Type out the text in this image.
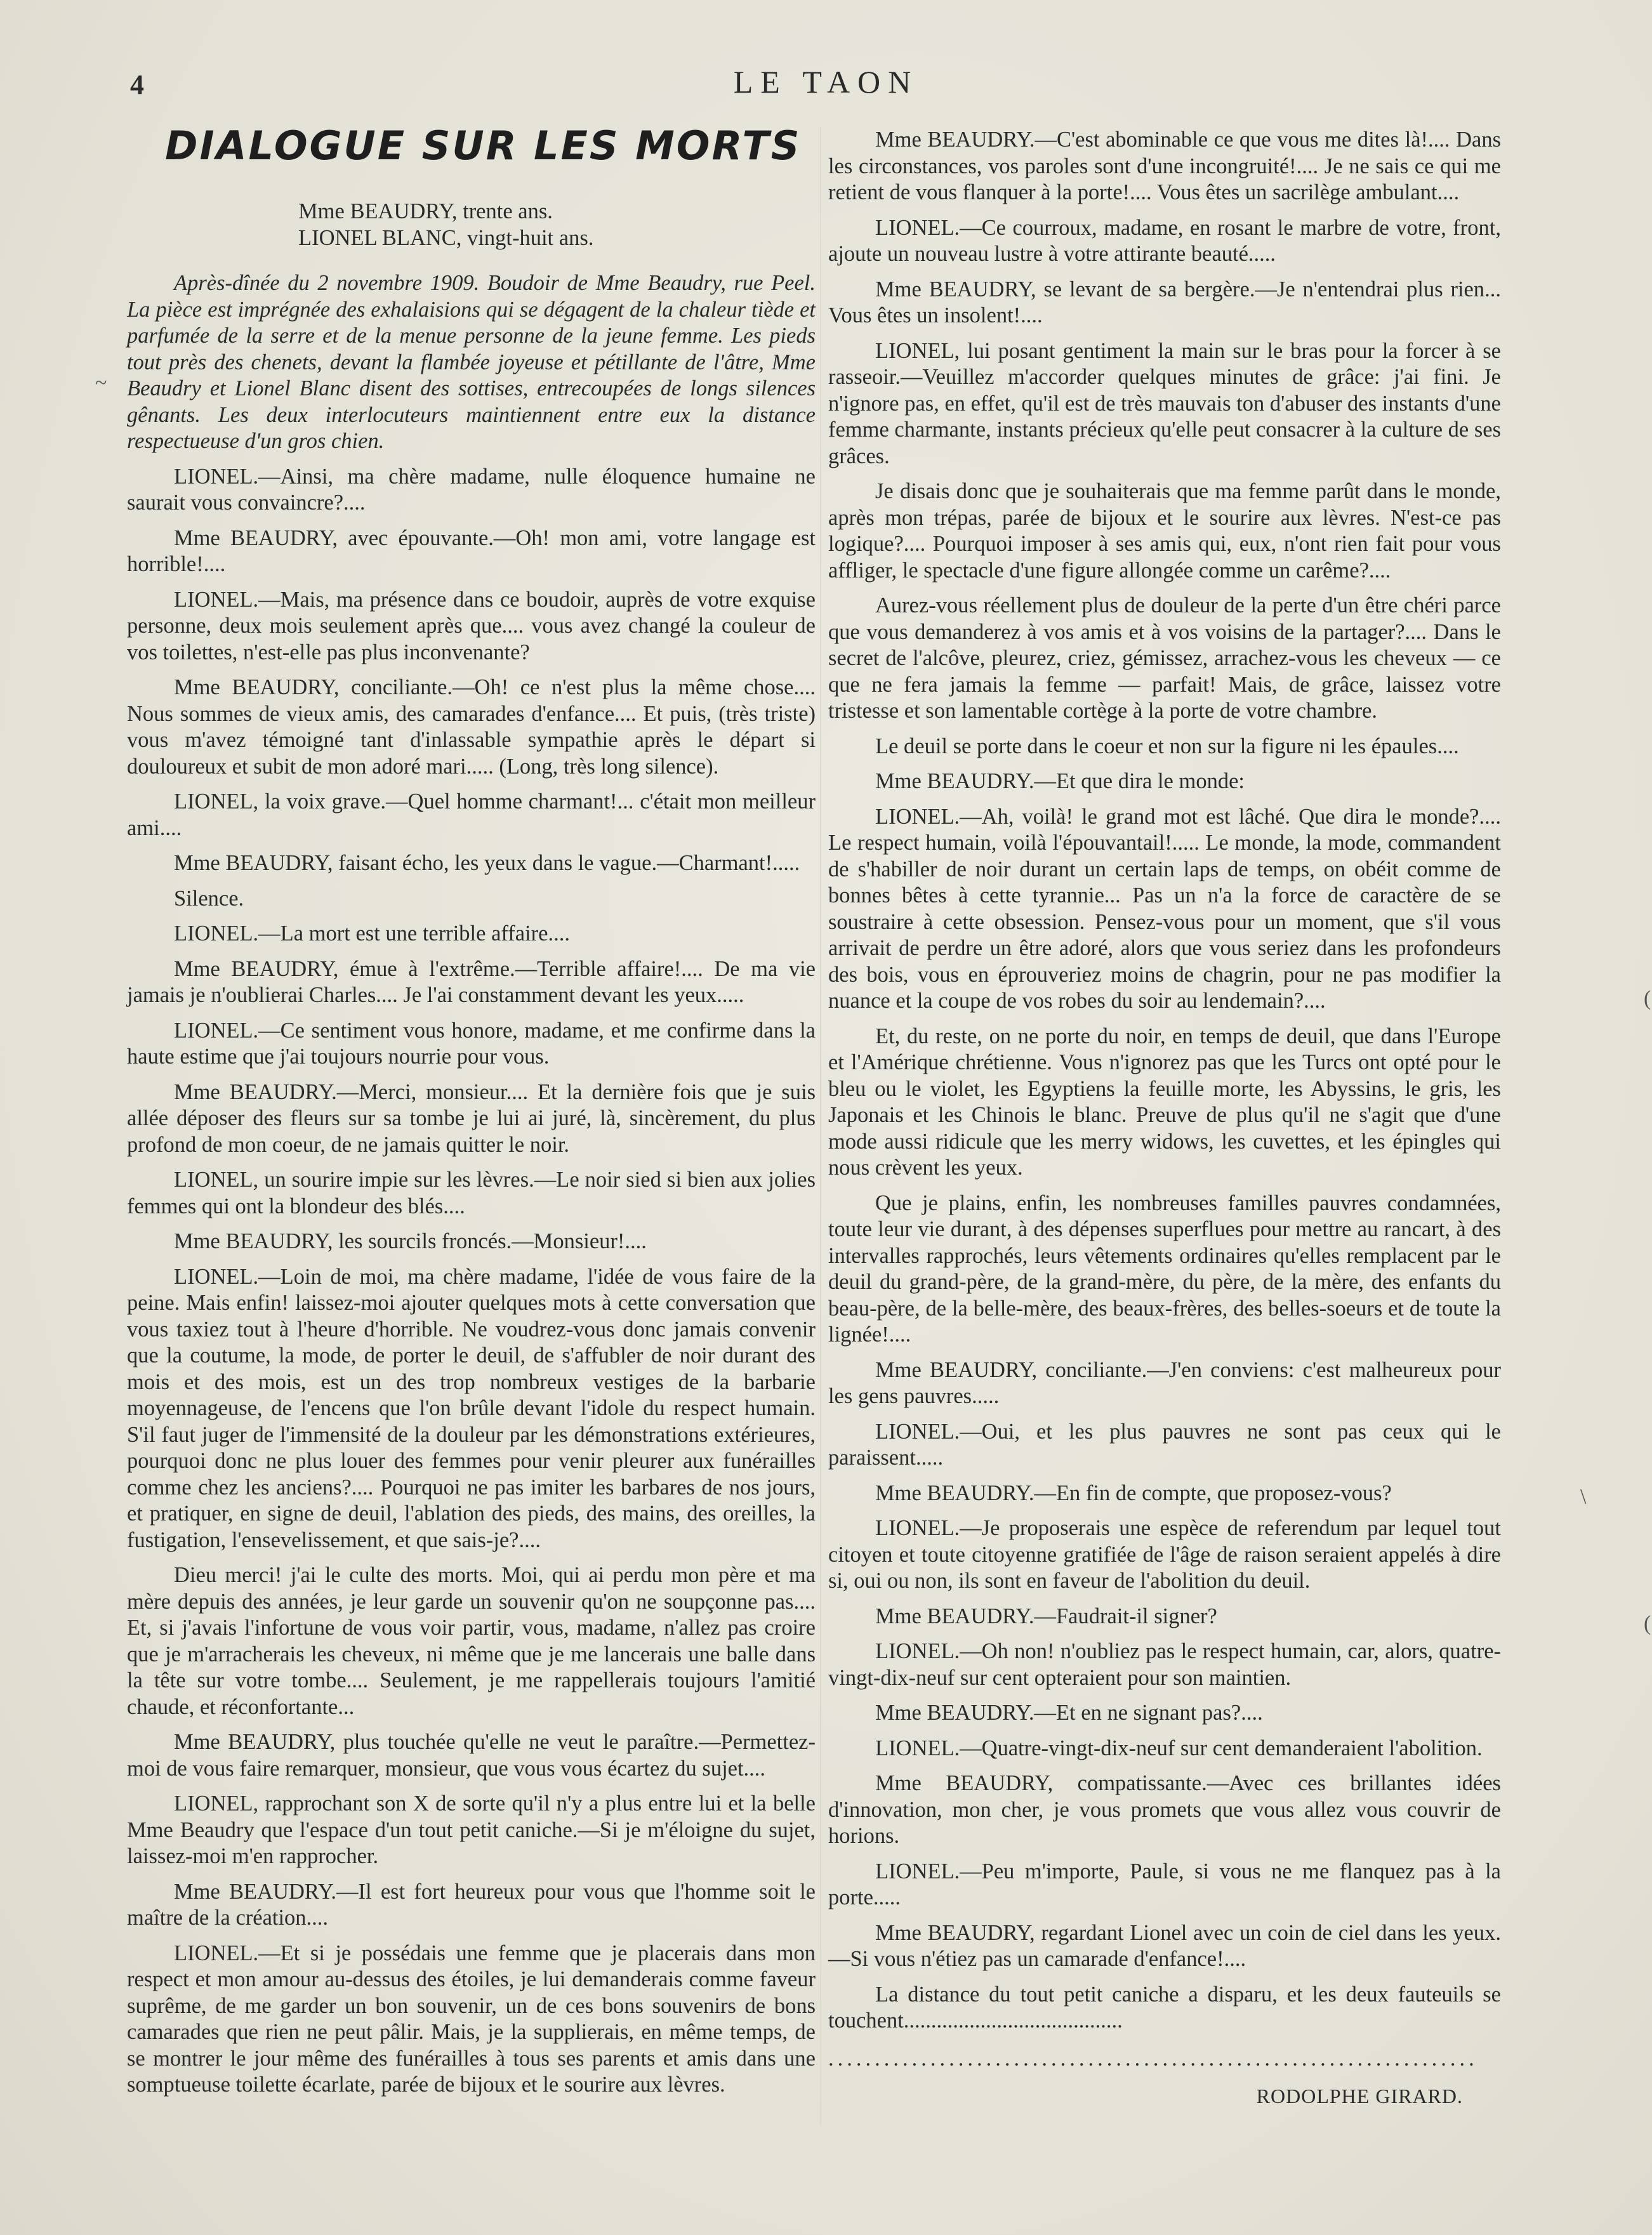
4	LE TAON
DIALOGUE SUR LES MORTS
Mme BEAUDRY, trente ans.
LIONEL BLANC, vingt-huit ans.
Après-dînée du 2 novembre 1909. Boudoir de Mme Beaudry, rue Peel. La pièce est imprégnée des exhalaisions qui se dégagent de la chaleur tiède et parfumée de la serre et de la menue personne de la jeune femme. Les pieds tout près des chenets, devant la flambée joyeuse et pétillante de l'âtre, Mme Beaudry et Lionel Blanc disent des sottises, entrecoupées de longs silences gênants. Les deux interlocuteurs maintiennent entre eux la distance respectueuse d'un gros chien.
LIONEL.—Ainsi, ma chère madame, nulle éloquence humaine ne saurait vous convaincre?....
Mme BEAUDRY, avec épouvante.—Oh! mon ami, votre langage est horrible!....
LIONEL.—Mais, ma présence dans ce boudoir, auprès de votre exquise personne, deux mois seulement après que.... vous avez changé la couleur de vos toilettes, n'est-elle pas plus inconvenante?
Mme BEAUDRY, conciliante.—Oh! ce n'est plus la même chose.... Nous sommes de vieux amis, des camarades d'enfance.... Et puis, (très triste) vous m'avez témoigné tant d'inlassable sympathie après le départ si douloureux et subit de mon adoré mari..... (Long, très long silence).
LIONEL, la voix grave.—Quel homme charmant!... c'était mon meilleur ami....
Mme BEAUDRY, faisant écho, les yeux dans le vague.—Charmant!.....
Silence.
LIONEL.—La mort est une terrible affaire....
Mme BEAUDRY, émue à l'extrême.—Terrible affaire!.... De ma vie jamais je n'oublierai Charles.... Je l'ai constamment devant les yeux.....
LIONEL.—Ce sentiment vous honore, madame, et me confirme dans la haute estime que j'ai toujours nourrie pour vous.
Mme BEAUDRY.—Merci, monsieur.... Et la dernière fois que je suis allée déposer des fleurs sur sa tombe je lui ai juré, là, sincèrement, du plus profond de mon coeur, de ne jamais quitter le noir.
LIONEL, un sourire impie sur les lèvres.—Le noir sied si bien aux jolies femmes qui ont la blondeur des blés....
Mme BEAUDRY, les sourcils froncés.—Monsieur!....
LIONEL.—Loin de moi, ma chère madame, l'idée de vous faire de la peine. Mais enfin! laissez-moi ajouter quelques mots à cette conversation que vous taxiez tout à l'heure d'horrible. Ne voudrez-vous donc jamais convenir que la coutume, la mode, de porter le deuil, de s'affubler de noir durant des mois et des mois, est un des trop nombreux vestiges de la barbarie moyennageuse, de l'encens que l'on brûle devant l'idole du respect humain. S'il faut juger de l'immensité de la douleur par les démonstrations extérieures, pourquoi donc ne plus louer des femmes pour venir pleurer aux funérailles comme chez les anciens?.... Pourquoi ne pas imiter les barbares de nos jours, et pratiquer, en signe de deuil, l'ablation des pieds, des mains, des oreilles, la fustigation, l'ensevelissement, et que sais-je?....
Dieu merci! j'ai le culte des morts. Moi, qui ai perdu mon père et ma mère depuis des années, je leur garde un souvenir qu'on ne soupçonne pas.... Et, si j'avais l'infortune de vous voir partir, vous, madame, n'allez pas croire que je m'arracherais les cheveux, ni même que je me lancerais une balle dans la tête sur votre tombe.... Seulement, je me rappellerais toujours l'amitié chaude, et réconfortante...
Mme BEAUDRY, plus touchée qu'elle ne veut le paraître.—Permettez-moi de vous faire remarquer, monsieur, que vous vous écartez du sujet....
LIONEL, rapprochant son X de sorte qu'il n'y a plus entre lui et la belle Mme Beaudry que l'espace d'un tout petit caniche.—Si je m'éloigne du sujet, laissez-moi m'en rapprocher.
Mme BEAUDRY.—Il est fort heureux pour vous que l'homme soit le maître de la création....
LIONEL.—Et si je possédais une femme que je placerais dans mon respect et mon amour au-dessus des étoiles, je lui demanderais comme faveur suprême, de me garder un bon souvenir, un de ces bons souvenirs de bons camarades que rien ne peut pâlir. Mais, je la supplierais, en même temps, de se montrer le jour même des funérailles à tous ses parents et amis dans une somptueuse toilette écarlate, parée de bijoux et le sourire aux lèvres.
Mme BEAUDRY.—C'est abominable ce que vous me dites là!.... Dans les circonstances, vos paroles sont d'une incongruité!.... Je ne sais ce qui me retient de vous flanquer à la porte!.... Vous êtes un sacrilège ambulant....
LIONEL.—Ce courroux, madame, en rosant le marbre de votre, front, ajoute un nouveau lustre à votre attirante beauté.....
Mme BEAUDRY, se levant de sa bergère.—Je n'entendrai plus rien... Vous êtes un insolent!....
LIONEL, lui posant gentiment la main sur le bras pour la forcer à se rasseoir.—Veuillez m'accorder quelques minutes de grâce: j'ai fini. Je n'ignore pas, en effet, qu'il est de très mauvais ton d'abuser des instants d'une femme charmante, instants précieux qu'elle peut consacrer à la culture de ses grâces.
Je disais donc que je souhaiterais que ma femme parût dans le monde, après mon trépas, parée de bijoux et le sourire aux lèvres. N'est-ce pas logique?.... Pourquoi imposer à ses amis qui, eux, n'ont rien fait pour vous affliger, le spectacle d'une figure allongée comme un carême?....
Aurez-vous réellement plus de douleur de la perte d'un être chéri parce que vous demanderez à vos amis et à vos voisins de la partager?.... Dans le secret de l'alcôve, pleurez, criez, gémissez, arrachez-vous les cheveux — ce que ne fera jamais la femme — parfait! Mais, de grâce, laissez votre tristesse et son lamentable cortège à la porte de votre chambre.
Le deuil se porte dans le coeur et non sur la figure ni les épaules....
Mme BEAUDRY.—Et que dira le monde:
LIONEL.—Ah, voilà! le grand mot est lâché. Que dira le monde?.... Le respect humain, voilà l'épouvantail!..... Le monde, la mode, commandent de s'habiller de noir durant un certain laps de temps, on obéit comme de bonnes bêtes à cette tyrannie... Pas un n'a la force de caractère de se soustraire à cette obsession. Pensez-vous pour un moment, que s'il vous arrivait de perdre un être adoré, alors que vous seriez dans les profondeurs des bois, vous en éprouveriez moins de chagrin, pour ne pas modifier la nuance et la coupe de vos robes du soir au lendemain?....
Et, du reste, on ne porte du noir, en temps de deuil, que dans l'Europe et l'Amérique chrétienne. Vous n'ignorez pas que les Turcs ont opté pour le bleu ou le violet, les Egyptiens la feuille morte, les Abyssins, le gris, les Japonais et les Chinois le blanc. Preuve de plus qu'il ne s'agit que d'une mode aussi ridicule que les merry widows, les cuvettes, et les épingles qui nous crèvent les yeux.
Que je plains, enfin, les nombreuses familles pauvres condamnées, toute leur vie durant, à des dépenses superflues pour mettre au rancart, à des intervalles rapprochés, leurs vêtements ordinaires qu'elles remplacent par le deuil du grand-père, de la grand-mère, du père, de la mère, des enfants du beau-père, de la belle-mère, des beaux-frères, des belles-soeurs et de toute la lignée!....
Mme BEAUDRY, conciliante.—J'en conviens: c'est malheureux pour les gens pauvres.....
LIONEL.—Oui, et les plus pauvres ne sont pas ceux qui le paraissent.....
Mme BEAUDRY.—En fin de compte, que proposez-vous?
LIONEL.—Je proposerais une espèce de referendum par lequel tout citoyen et toute citoyenne gratifiée de l'âge de raison seraient appelés à dire si, oui ou non, ils sont en faveur de l'abolition du deuil.
Mme BEAUDRY.—Faudrait-il signer?
LIONEL.—Oh non! n'oubliez pas le respect humain, car, alors, quatre-vingt-dix-neuf sur cent opteraient pour son maintien.
Mme BEAUDRY.—Et en ne signant pas?....
LIONEL.—Quatre-vingt-dix-neuf sur cent demanderaient l'abolition.
Mme BEAUDRY, compatissante.—Avec ces brillantes idées d'innovation, mon cher, je vous promets que vous allez vous couvrir de horions.
LIONEL.—Peu m'importe, Paule, si vous ne me flanquez pas à la porte.....
Mme BEAUDRY, regardant Lionel avec un coin de ciel dans les yeux.—Si vous n'étiez pas un camarade d'enfance!....
La distance du tout petit caniche a disparu, et les deux fauteuils se touchent........................................
......................................................................
RODOLPHE GIRARD.
~
(
(
\
